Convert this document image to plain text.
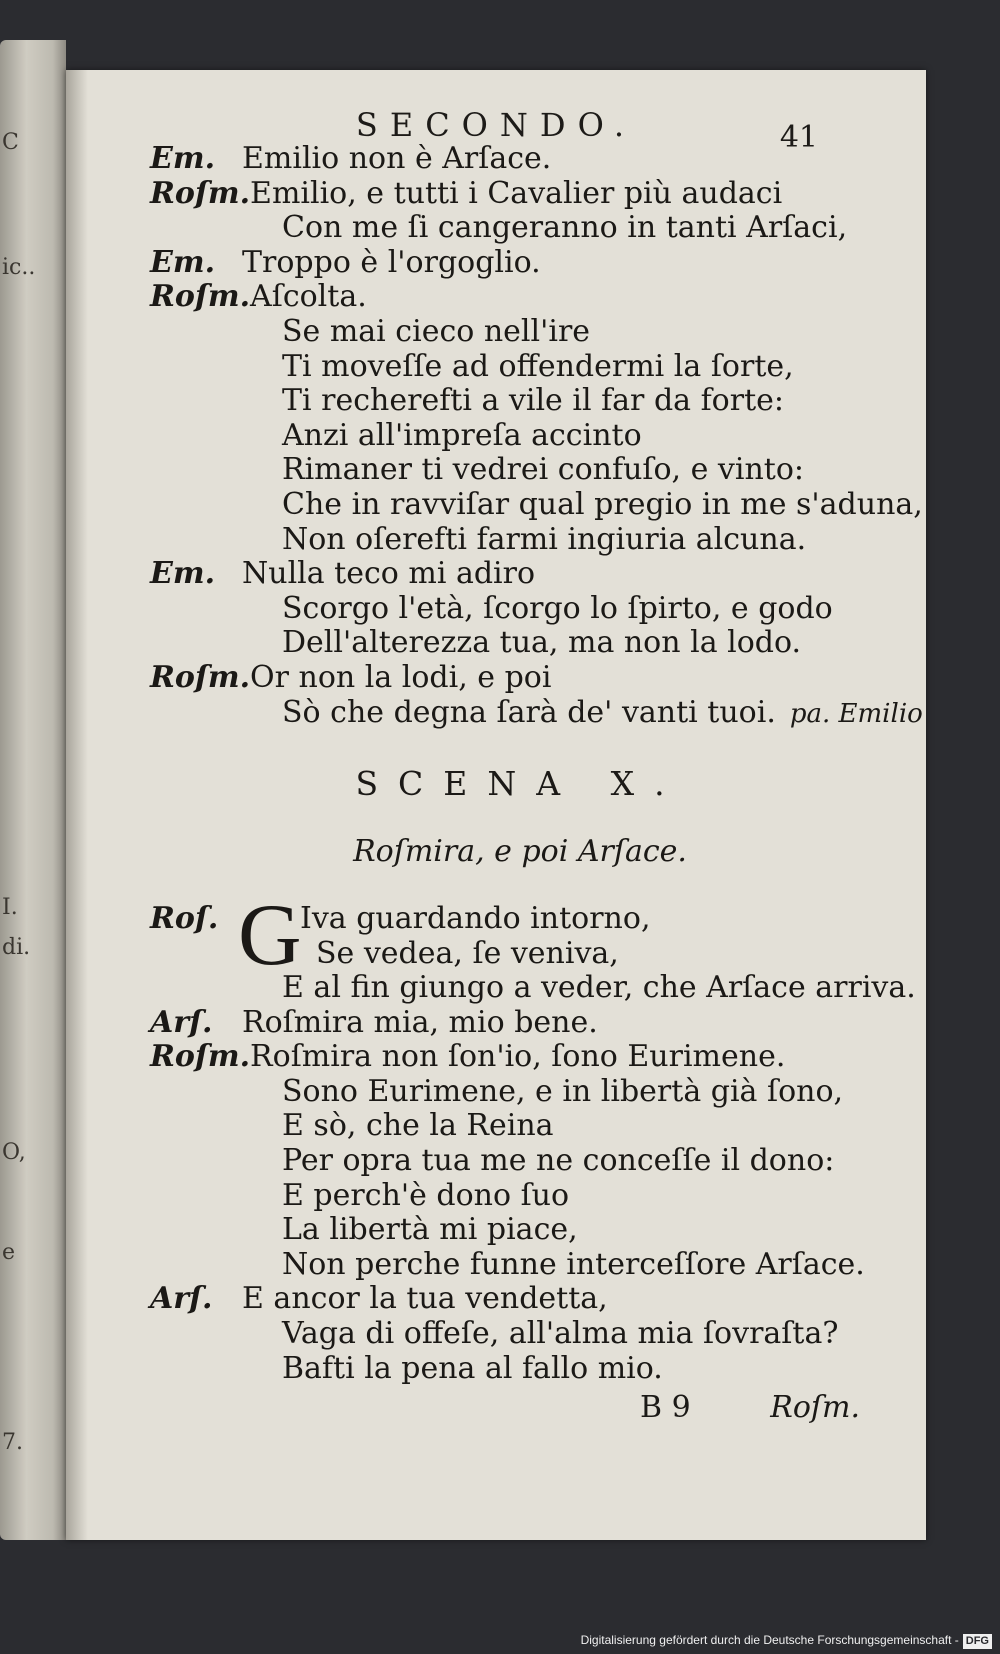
C
ic..
I.
di.
O,
e
7.
SECONDO.	41
Em. Emilio non è Arſace.
Roſm.Emilio, e tutti i Cavalier più audaci
Con me ſi cangeranno in tanti Arſaci,
Em. Troppo è l'orgoglio.
Roſm.Aſcolta.
Se mai cieco nell'ire
Ti moveſſe ad offendermi la ſorte,
Ti recherefti a vile il far da forte:
Anzi all'impreſa accinto
Rimaner ti vedrei confuſo, e vinto:
Che in ravviſar qual pregio in me s'aduna,
Non oſerefti farmi ingiuria alcuna.
Em. Nulla teco mi adiro
Scorgo l'età, ſcorgo lo ſpirto, e godo
Dell'alterezza tua, ma non la lodo.
Roſm.Or non la lodi, e poi
Sò che degna ſarà de' vanti tuoi. pa. Emilio
SCENA X.
Roſmira, e poi Arſace.
Roſ. G
Iva guardando intorno,
Se vedea, ſe veniva,
E al fin giungo a veder, che Arſace arriva.
Arſ. Roſmira mia, mio bene.
Roſm.Roſmira non ſon'io, ſono Eurimene.
Sono Eurimene, e in libertà già ſono,
E sò, che la Reina
Per opra tua me ne conceſſe il dono:
E perch'è dono ſuo
La libertà mi piace,
Non perche funne interceſſore Arſace.
Arſ. E ancor la tua vendetta,
Vaga di offeſe, all'alma mia ſovraſta?
Bafti la pena al fallo mio.
B 9	Roſm.
Digitalisierung gefördert durch die Deutsche Forschungsgemeinschaft - DFG
